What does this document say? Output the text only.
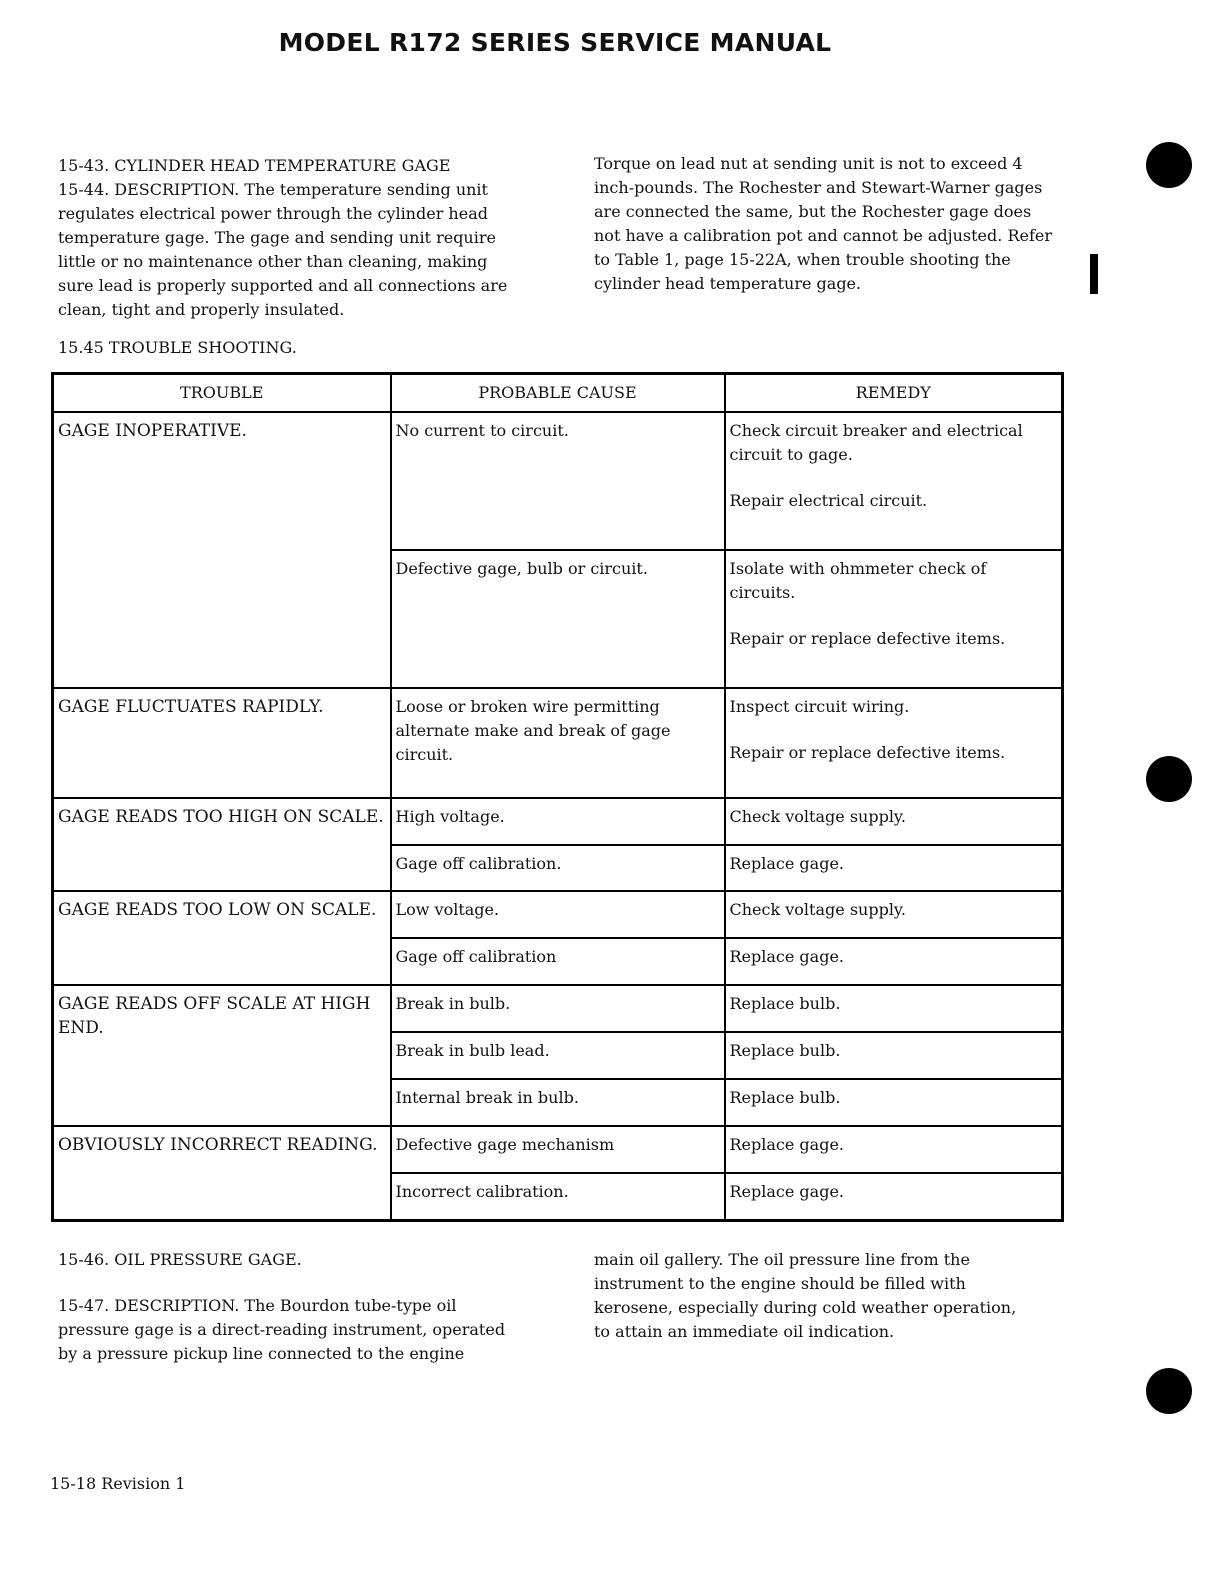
MODEL R172 SERIES SERVICE MANUAL

15-43. CYLINDER HEAD TEMPERATURE GAGE

15-44. DESCRIPTION. The temperature sending unit regulates electrical power through the cylinder head temperature gage. The gage and sending unit require little or no maintenance other than cleaning, making sure lead is properly supported and all connections are clean, tight and properly insulated.

Torque on lead nut at sending unit is not to exceed 4 inch-pounds. The Rochester and Stewart-Warner gages are connected the same, but the Rochester gage does not have a calibration pot and cannot be adjusted. Refer to Table 1, page 15-22A, when trouble shooting the cylinder head temperature gage.

15.45 TROUBLE SHOOTING.
TROUBLE	PROBABLE CAUSE	REMEDY
GAGE INOPERATIVE.	No current to circuit.	Check circuit breaker and electrical circuit to gage.
Repair electrical circuit.

	Defective gage, bulb or circuit.	Isolate with ohmmeter check of circuits.
Repair or replace defective items.

GAGE FLUCTUATES RAPIDLY.	Loose or broken wire permitting alternate make and break of gage circuit.	Inspect circuit wiring.
Repair or replace defective items.

GAGE READS TOO HIGH ON SCALE.	High voltage.	Check voltage supply.

	Gage off calibration.	Replace gage.

GAGE READS TOO LOW ON SCALE.	Low voltage.	Check voltage supply.

	Gage off calibration	Replace gage.

GAGE READS OFF SCALE AT HIGH END.	Break in bulb.	Replace bulb.

	Break in bulb lead.	Replace bulb.

	Internal break in bulb.	Replace bulb.

OBVIOUSLY INCORRECT READING.	Defective gage mechanism	Replace gage.

	Incorrect calibration.	Replace gage.

15-46. OIL PRESSURE GAGE.

15-47. DESCRIPTION. The Bourdon tube-type oil pressure gage is a direct-reading instrument, operated by a pressure pickup line connected to the engine

main oil gallery. The oil pressure line from the instrument to the engine should be filled with kerosene, especially during cold weather operation, to attain an immediate oil indication.

15-18 Revision 1
